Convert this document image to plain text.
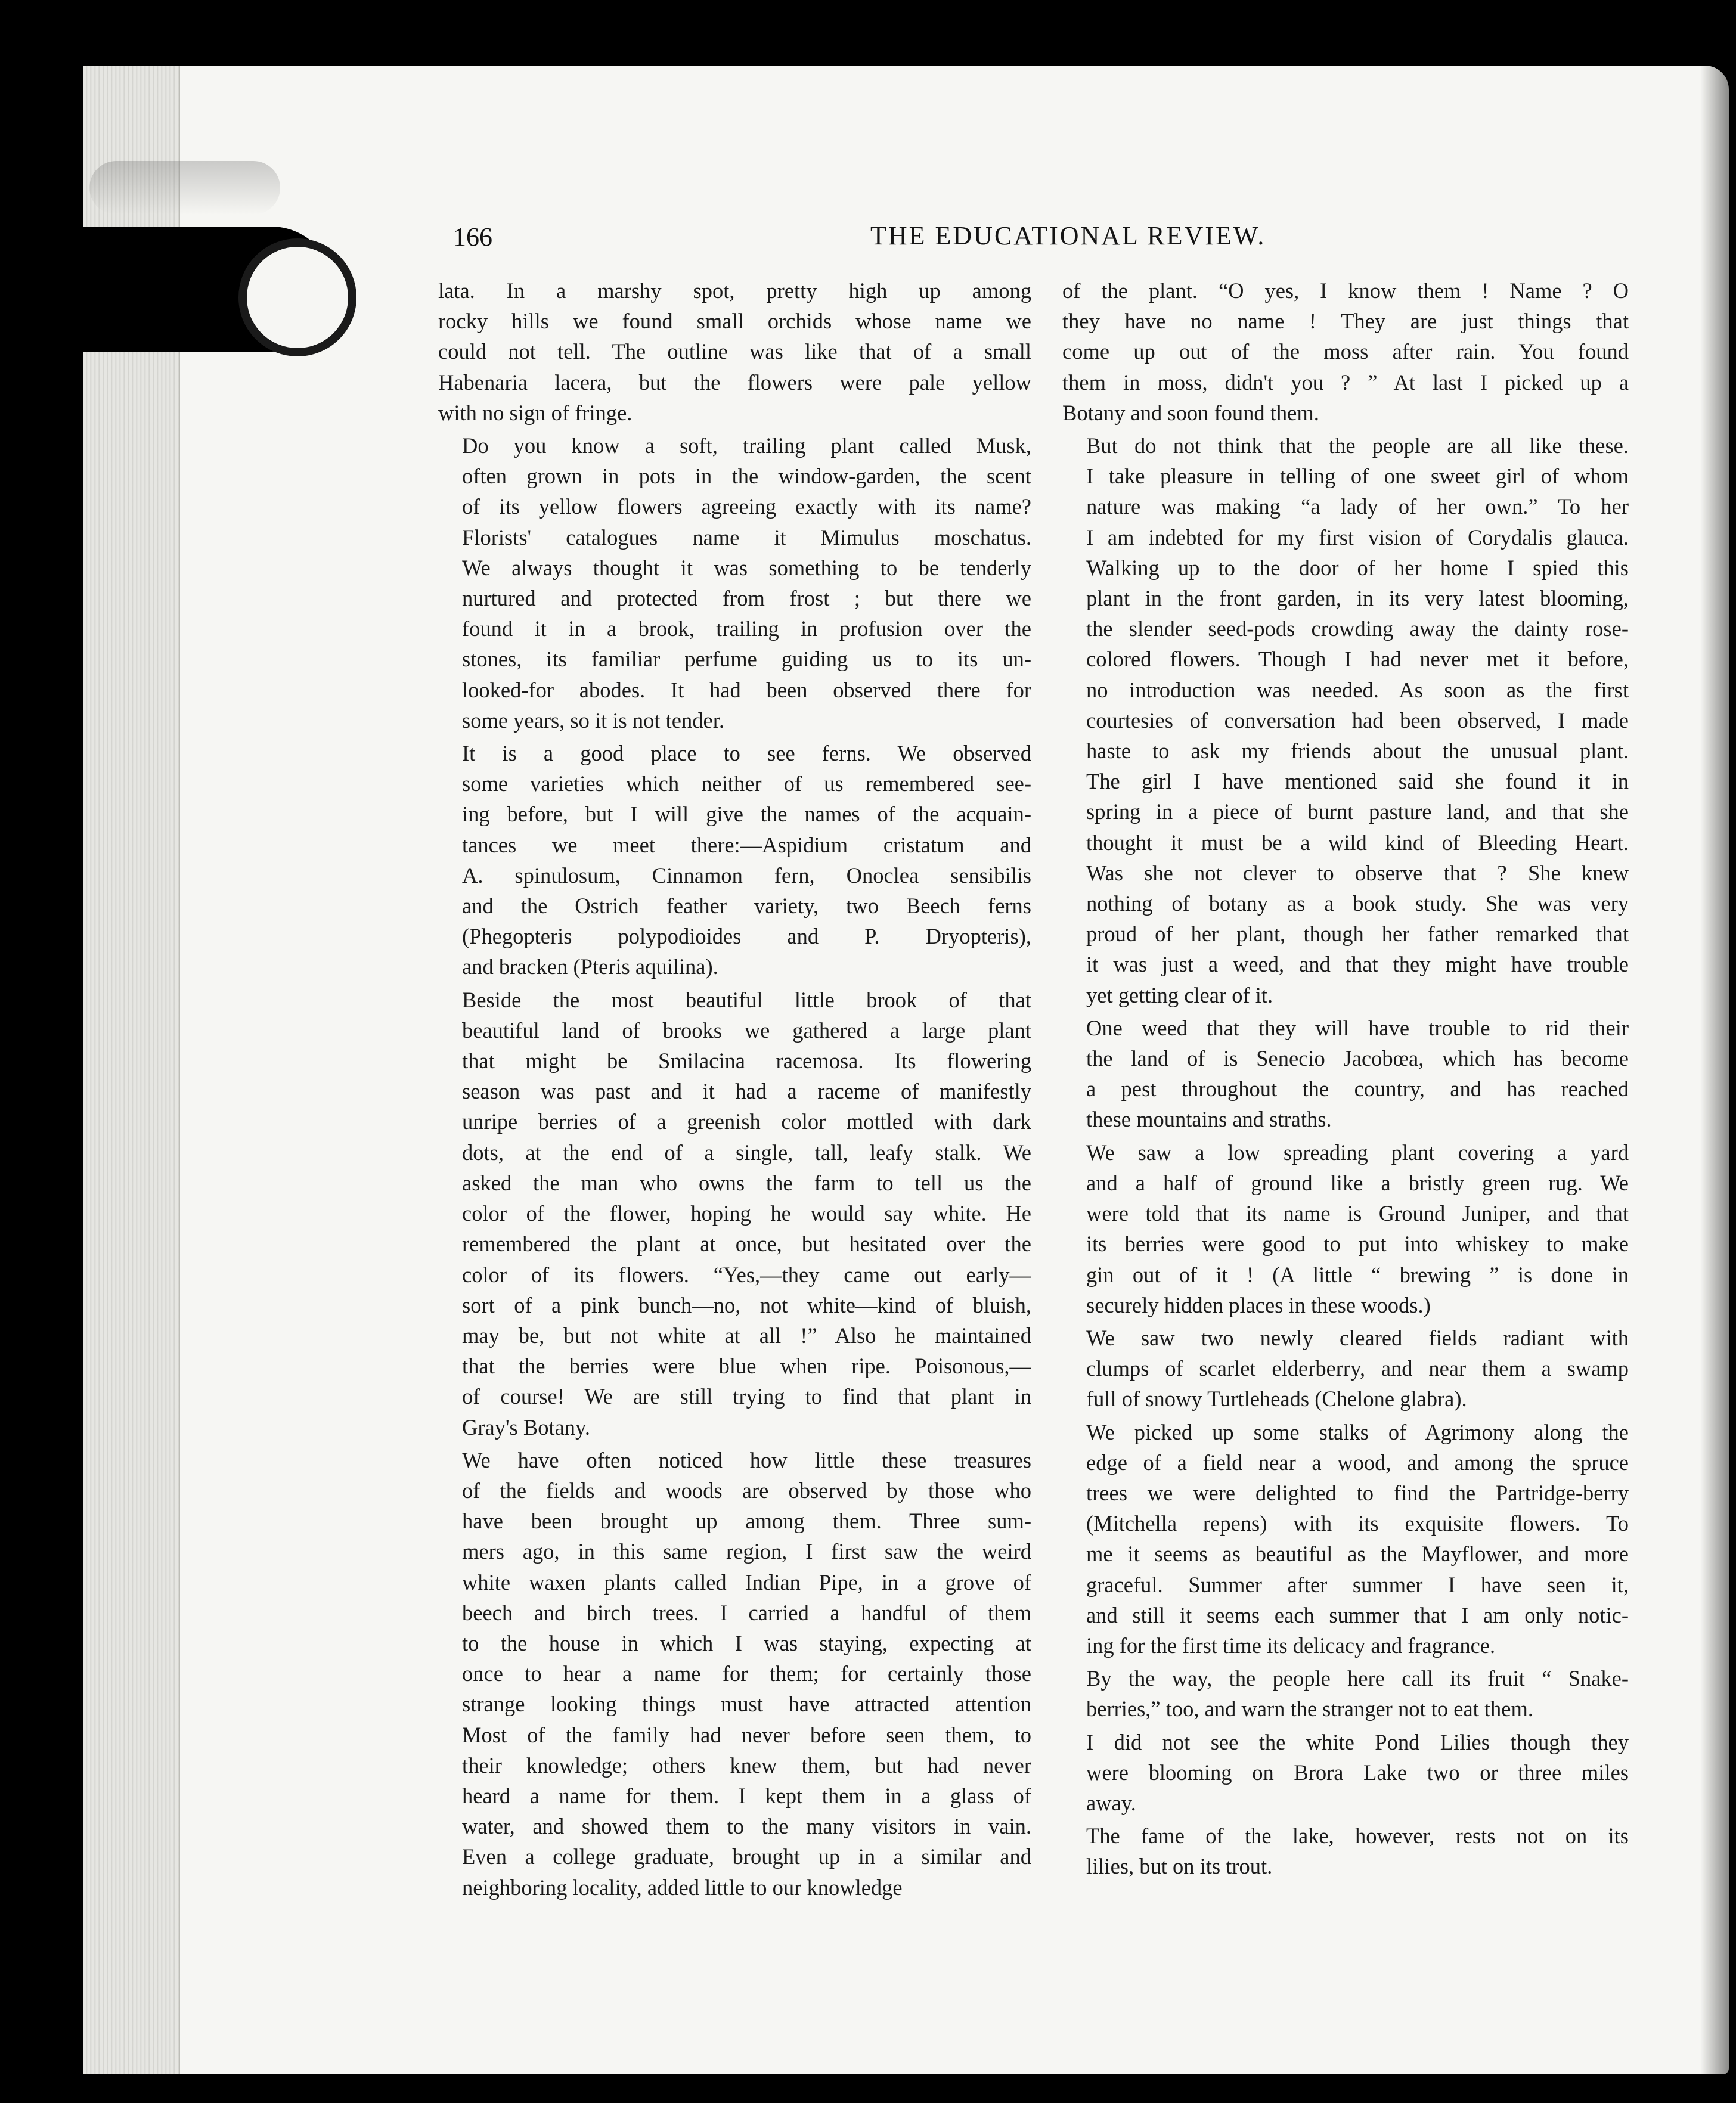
166	THE EDUCATIONAL REVIEW.

lata. In a marshy spot, pretty high up among
rocky hills we found small orchids whose name we
could not tell. The outline was like that of a small
Habenaria lacera, but the flowers were pale yellow
with no sign of fringe.

Do you know a soft, trailing plant called Musk,
often grown in pots in the window-garden, the scent
of its yellow flowers agreeing exactly with its name?
Florists' catalogues name it Mimulus moschatus.
We always thought it was something to be tenderly
nurtured and protected from frost ; but there we
found it in a brook, trailing in profusion over the
stones, its familiar perfume guiding us to its un-
looked-for abodes. It had been observed there for
some years, so it is not tender.

It is a good place to see ferns. We observed
some varieties which neither of us remembered see-
ing before, but I will give the names of the acquain-
tances we meet there:—Aspidium cristatum and
A. spinulosum, Cinnamon fern, Onoclea sensibilis
and the Ostrich feather variety, two Beech ferns
(Phegopteris polypodioides and P. Dryopteris),
and bracken (Pteris aquilina).

Beside the most beautiful little brook of that
beautiful land of brooks we gathered a large plant
that might be Smilacina racemosa. Its flowering
season was past and it had a raceme of manifestly
unripe berries of a greenish color mottled with dark
dots, at the end of a single, tall, leafy stalk. We
asked the man who owns the farm to tell us the
color of the flower, hoping he would say white. He
remembered the plant at once, but hesitated over the
color of its flowers. “Yes,—they came out early—
sort of a pink bunch—no, not white—kind of bluish,
may be, but not white at all !” Also he maintained
that the berries were blue when ripe. Poisonous,—
of course! We are still trying to find that plant in
Gray's Botany.

We have often noticed how little these treasures
of the fields and woods are observed by those who
have been brought up among them. Three sum-
mers ago, in this same region, I first saw the weird
white waxen plants called Indian Pipe, in a grove of
beech and birch trees. I carried a handful of them
to the house in which I was staying, expecting at
once to hear a name for them; for certainly those
strange looking things must have attracted attention
Most of the family had never before seen them, to
their knowledge; others knew them, but had never
heard a name for them. I kept them in a glass of
water, and showed them to the many visitors in vain.
Even a college graduate, brought up in a similar and
neighboring locality, added little to our knowledge

of the plant. “O yes, I know them ! Name ? O
they have no name ! They are just things that
come up out of the moss after rain. You found
them in moss, didn't you ? ” At last I picked up a
Botany and soon found them.

But do not think that the people are all like these.
I take pleasure in telling of one sweet girl of whom
nature was making “a lady of her own.” To her
I am indebted for my first vision of Corydalis glauca.
Walking up to the door of her home I spied this
plant in the front garden, in its very latest blooming,
the slender seed-pods crowding away the dainty rose-
colored flowers. Though I had never met it before,
no introduction was needed. As soon as the first
courtesies of conversation had been observed, I made
haste to ask my friends about the unusual plant.
The girl I have mentioned said she found it in
spring in a piece of burnt pasture land, and that she
thought it must be a wild kind of Bleeding Heart.
Was she not clever to observe that ? She knew
nothing of botany as a book study. She was very
proud of her plant, though her father remarked that
it was just a weed, and that they might have trouble
yet getting clear of it.

One weed that they will have trouble to rid their
the land of is Senecio Jacobœa, which has become
a pest throughout the country, and has reached
these mountains and straths.

We saw a low spreading plant covering a yard
and a half of ground like a bristly green rug. We
were told that its name is Ground Juniper, and that
its berries were good to put into whiskey to make
gin out of it ! (A little “ brewing ” is done in
securely hidden places in these woods.)

We saw two newly cleared fields radiant with
clumps of scarlet elderberry, and near them a swamp
full of snowy Turtleheads (Chelone glabra).

We picked up some stalks of Agrimony along the
edge of a field near a wood, and among the spruce
trees we were delighted to find the Partridge-berry
(Mitchella repens) with its exquisite flowers. To
me it seems as beautiful as the Mayflower, and more
graceful. Summer after summer I have seen it,
and still it seems each summer that I am only notic-
ing for the first time its delicacy and fragrance.

By the way, the people here call its fruit “ Snake-
berries,” too, and warn the stranger not to eat them.

I did not see the white Pond Lilies though they
were blooming on Brora Lake two or three miles
away.

The fame of the lake, however, rests not on its
lilies, but on its trout.
